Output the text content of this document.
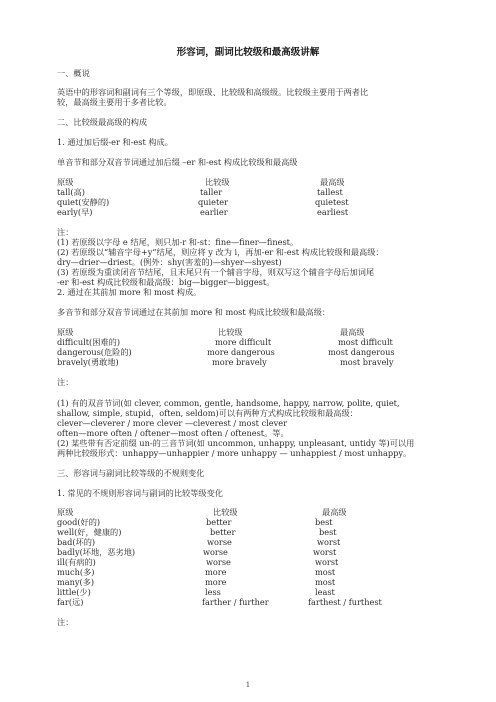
形容词，副词比较级和最高级讲解
一、概说
英语中的形容词和副词有三个等级，即原级、比较级和高级级。比较级主要用于两者比
较，最高级主要用于多者比较。
二、比较级最高级的构成
1. 通过加后缀-er 和-est 构成。
单音节和部分双音节词通过加后缀 –er 和-est 构成比较级和最高级
原级	比较级	最高级
tall(高)	taller	tallest
quiet(安静的)	quieter	quietest
early(早)	earlier	earliest
注：
(1) 若原级以字母 e 结尾，则只加-r 和-st：fine—finer—finest。
(2) 若原级以“辅音字母+y”结尾，则应将 y 改为 i，再加-er 和-est 构成比较级和最高级：
dry—drier—driest。(例外：shy(害羞的)—shyer—shyest)
(3) 若原级为重读闭音节结尾，且末尾只有一个辅音字母，则双写这个辅音字母后加词尾
-er 和-est 构成比较级和最高级：big—bigger—biggest。
2. 通过在其前加 more 和 most 构成。
多音节和部分双音节词通过在其前加 more 和 most 构成比较级和最高级：
原级	比较级	最高级
difficult(困难的)	more difficult	most difficult
dangerous(危险的)	more dangerous	most dangerous
bravely(勇敢地)	more bravely	most bravely
注：
(1) 有的双音节词(如 clever, common, gentle, handsome, happy, narrow, polite, quiet,
shallow, simple, stupid，often, seldom)可以有两种方式构成比较级和最高级：
clever—cleverer / more clever —cleverest / most clever
often—more often / oftener—most often / oftenest。等。
(2) 某些带有否定前缀 un-的三音节词(如 uncommon, unhappy, unpleasant, untidy 等)可以用
两种比较级形式：unhappy—unhappier / more unhappy — unhappiest / most unhappy。
三、形容词与副词比较等级的不规则变化
1. 常见的不规则形容词与副词的比较等级变化
原级	比较级	最高级
good(好的)	better	best
well(好，健康的)	better	best
bad(坏的)	worse	worst
badly(坏地，恶劣地)	worse	worst
ill(有病的)	worse	worst
much(多)	more	most
many(多)	more	most
little(少)	less	least
far(远)	farther / further	farthest / furthest
注：
1
